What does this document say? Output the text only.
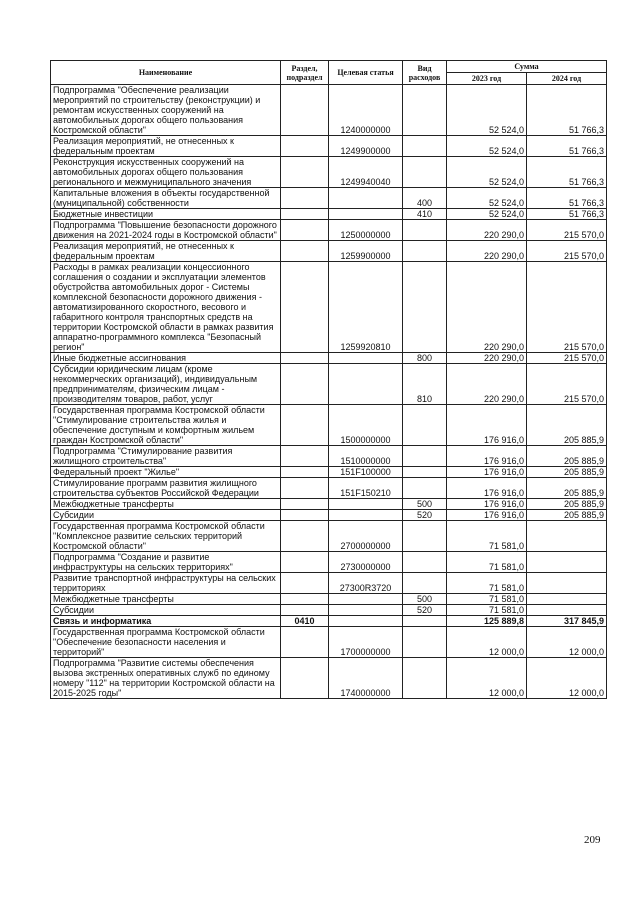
Наименование	Раздел, подраздел	Целевая статья	Вид расходов	Сумма	
				2023 год	2024 год
Подпрограмма "Обеспечение реализации мероприятий по строительству (реконструкции) и ремонтам искусственных сооружений на автомобильных дорогах общего пользования Костромской области"		1240000000		52 524,0	51 766,3
Реализация мероприятий, не отнесенных к федеральным проектам		1249900000		52 524,0	51 766,3
Реконструкция искусственных сооружений на автомобильных дорогах общего пользования регионального и межмуниципального значения		1249940040		52 524,0	51 766,3
Капитальные вложения в объекты государственной (муниципальной) собственности			400	52 524,0	51 766,3
Бюджетные инвестиции			410	52 524,0	51 766,3
Подпрограмма "Повышение безопасности дорожного движения на 2021-2024 годы в Костромской области"		1250000000		220 290,0	215 570,0
Реализация мероприятий, не отнесенных к федеральным проектам		1259900000		220 290,0	215 570,0
Расходы в рамках реализации концессионного соглашения о создании и эксплуатации элементов обустройства автомобильных дорог - Системы комплексной безопасности дорожного движения - автоматизированного скоростного, весового и габаритного контроля транспортных средств на территории Костромской области в рамках развития аппаратно-программного комплекса "Безопасный регион"		1259920810		220 290,0	215 570,0
Иные бюджетные ассигнования			800	220 290,0	215 570,0
Субсидии юридическим лицам (кроме некоммерческих организаций), индивидуальным предпринимателям, физическим лицам - производителям товаров, работ, услуг			810	220 290,0	215 570,0
Государственная программа Костромской области "Стимулирование строительства жилья и обеспечение доступным и комфортным жильем граждан Костромской области"		1500000000		176 916,0	205 885,9
Подпрограмма "Стимулирование развития жилищного строительства"		1510000000		176 916,0	205 885,9
Федеральный проект "Жилье"		151F100000		176 916,0	205 885,9
Стимулирование программ развития жилищного строительства субъектов Российской Федерации		151F150210		176 916,0	205 885,9
Межбюджетные трансферты			500	176 916,0	205 885,9
Субсидии			520	176 916,0	205 885,9
Государственная программа Костромской области "Комплексное развитие сельских территорий Костромской области"		2700000000		71 581,0	
Подпрограмма "Создание и развитие инфраструктуры на сельских территориях"		2730000000		71 581,0	
Развитие транспортной инфраструктуры на сельских территориях		27300R3720		71 581,0	
Межбюджетные трансферты			500	71 581,0	
Субсидии			520	71 581,0	
Связь и информатика	0410			125 889,8	317 845,9
Государственная программа Костромской области "Обеспечение безопасности населения и территорий"		1700000000		12 000,0	12 000,0
Подпрограмма "Развитие системы обеспечения вызова экстренных оперативных служб по единому номеру "112" на территории Костромской области на 2015-2025 годы"		1740000000		12 000,0	12 000,0
209
